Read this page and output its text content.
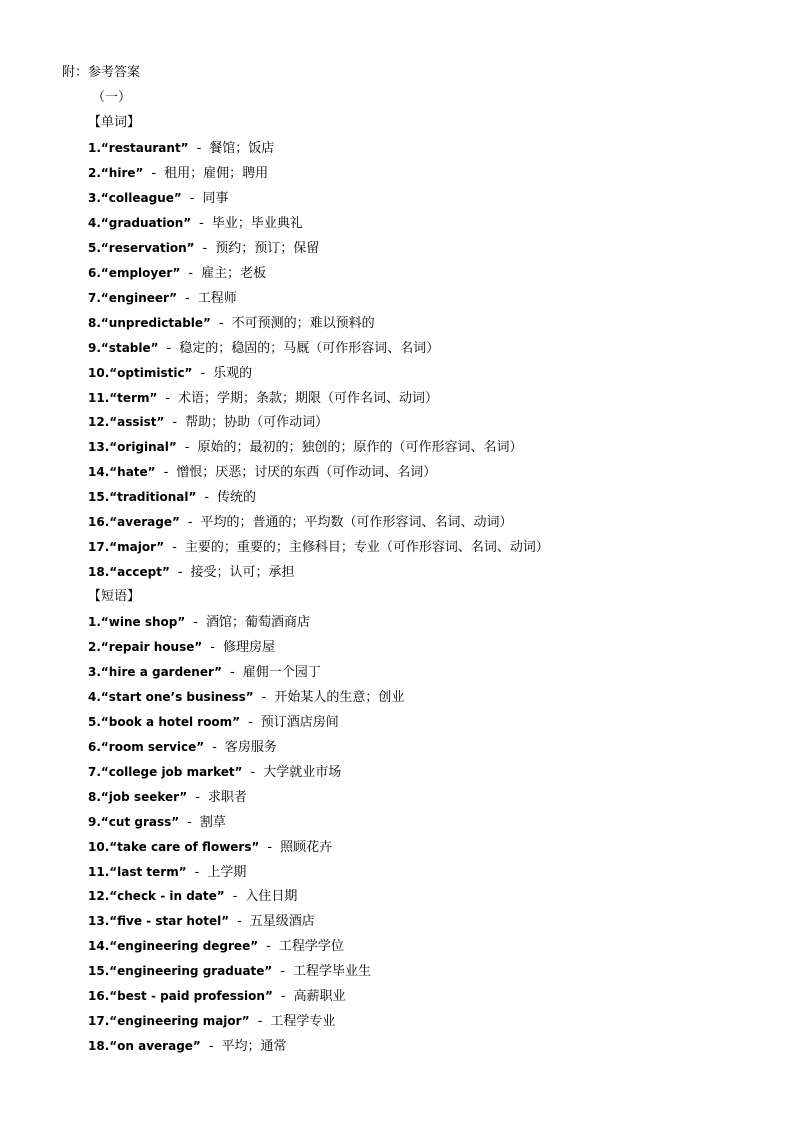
附：参考答案
（一）
【单词】
1.“restaurant” - 餐馆；饭店
2.“hire” - 租用；雇佣；聘用
3.“colleague” - 同事
4.“graduation” - 毕业；毕业典礼
5.“reservation” - 预约；预订；保留
6.“employer” - 雇主；老板
7.“engineer” - 工程师
8.“unpredictable” - 不可预测的；难以预料的
9.“stable” - 稳定的；稳固的；马厩（可作形容词、名词）
10.“optimistic” - 乐观的
11.“term” - 术语；学期；条款；期限（可作名词、动词）
12.“assist” - 帮助；协助（可作动词）
13.“original” - 原始的；最初的；独创的；原作的（可作形容词、名词）
14.“hate” - 憎恨；厌恶；讨厌的东西（可作动词、名词）
15.“traditional” - 传统的
16.“average” - 平均的；普通的；平均数（可作形容词、名词、动词）
17.“major” - 主要的；重要的；主修科目；专业（可作形容词、名词、动词）
18.“accept” - 接受；认可；承担
【短语】
1.“wine shop” - 酒馆；葡萄酒商店
2.“repair house” - 修理房屋
3.“hire a gardener” - 雇佣一个园丁
4.“start one’s business” - 开始某人的生意；创业
5.“book a hotel room” - 预订酒店房间
6.“room service” - 客房服务
7.“college job market” - 大学就业市场
8.“job seeker” - 求职者
9.“cut grass” - 割草
10.“take care of flowers” - 照顾花卉
11.“last term” - 上学期
12.“check - in date” - 入住日期
13.“five - star hotel” - 五星级酒店
14.“engineering degree” - 工程学学位
15.“engineering graduate” - 工程学毕业生
16.“best - paid profession” - 高薪职业
17.“engineering major” - 工程学专业
18.“on average” - 平均；通常
